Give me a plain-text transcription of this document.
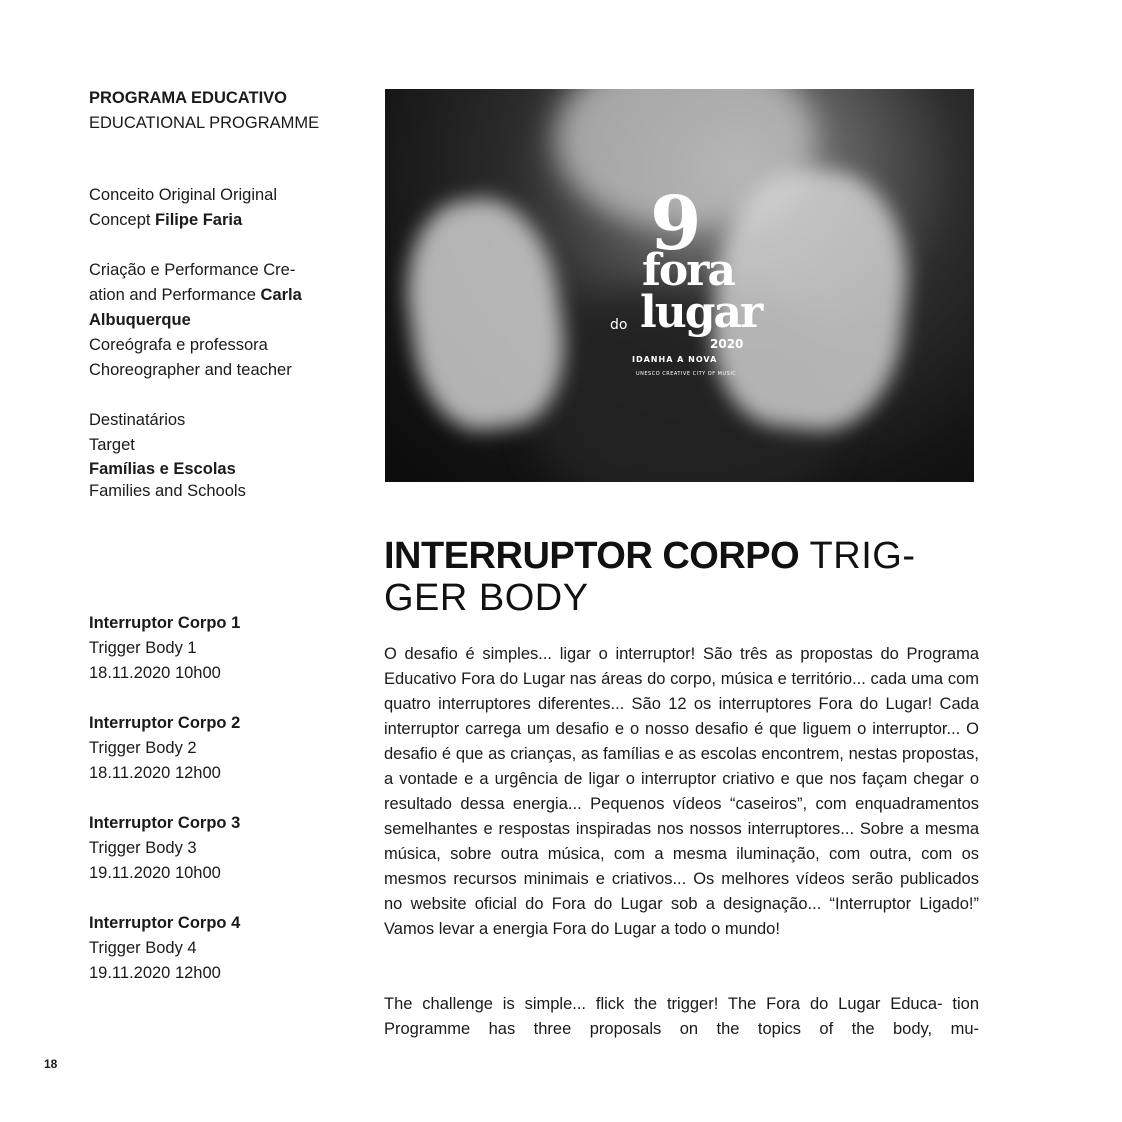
PROGRAMA EDUCATIVO
EDUCATIONAL PROGRAMME
Conceito Original Original
Concept Filipe Faria
Criação e Performance Cre-
ation and Performance Carla
Albuquerque
Coreógrafa e professora
Choreographer and teacher
Destinatários
Target
Famílias e Escolas
Families and Schools
Interruptor Corpo 1
Trigger Body 1
18.11.2020 10h00
Interruptor Corpo 2
Trigger Body 2
18.11.2020 12h00
Interruptor Corpo 3
Trigger Body 3
19.11.2020 10h00
Interruptor Corpo 4
Trigger Body 4
19.11.2020 12h00
9
fora
lugar
do
2020
IDANHA A NOVA
UNESCO CREATIVE CITY OF MUSIC
INTERRUPTOR CORPO TRIG-
GER BODY
O desafio é simples... ligar o interruptor! São três as propostas do Programa Educativo Fora do Lugar nas áreas do corpo, música e território... cada uma com quatro interruptores diferentes... São 12 os interruptores Fora do Lugar! Cada interruptor carrega um desafio e o nosso desafio é que liguem o interruptor... O desafio é que as crianças, as famílias e as escolas encontrem, nestas propostas, a vontade e a urgência de ligar o interruptor criativo e que nos façam chegar o resultado dessa energia... Pequenos vídeos “caseiros”, com enquadramentos semelhantes e respostas inspiradas nos nossos interruptores... Sobre a mesma música, sobre outra música, com a mesma iluminação, com outra, com os mesmos recursos minimais e criativos... Os melhores vídeos serão publicados no website oficial do Fora do Lugar sob a designação... “Interruptor Ligado!” Vamos levar a energia Fora do Lugar a todo o mundo!
The challenge is simple... flick the trigger! The Fora do Lugar Educa- tion Programme has three proposals on the topics of the body, mu-
18
